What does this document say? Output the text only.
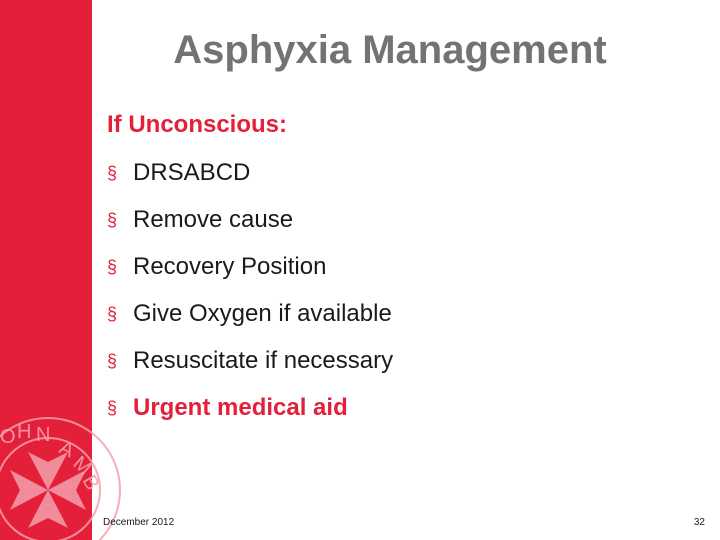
O H N
A
M
B
Asphyxia Management
If Unconscious:
§ DRSABCD
§ Remove cause
§ Recovery Position
§ Give Oxygen if available
§ Resuscitate if necessary
§ Urgent medical aid
December 2012	32
